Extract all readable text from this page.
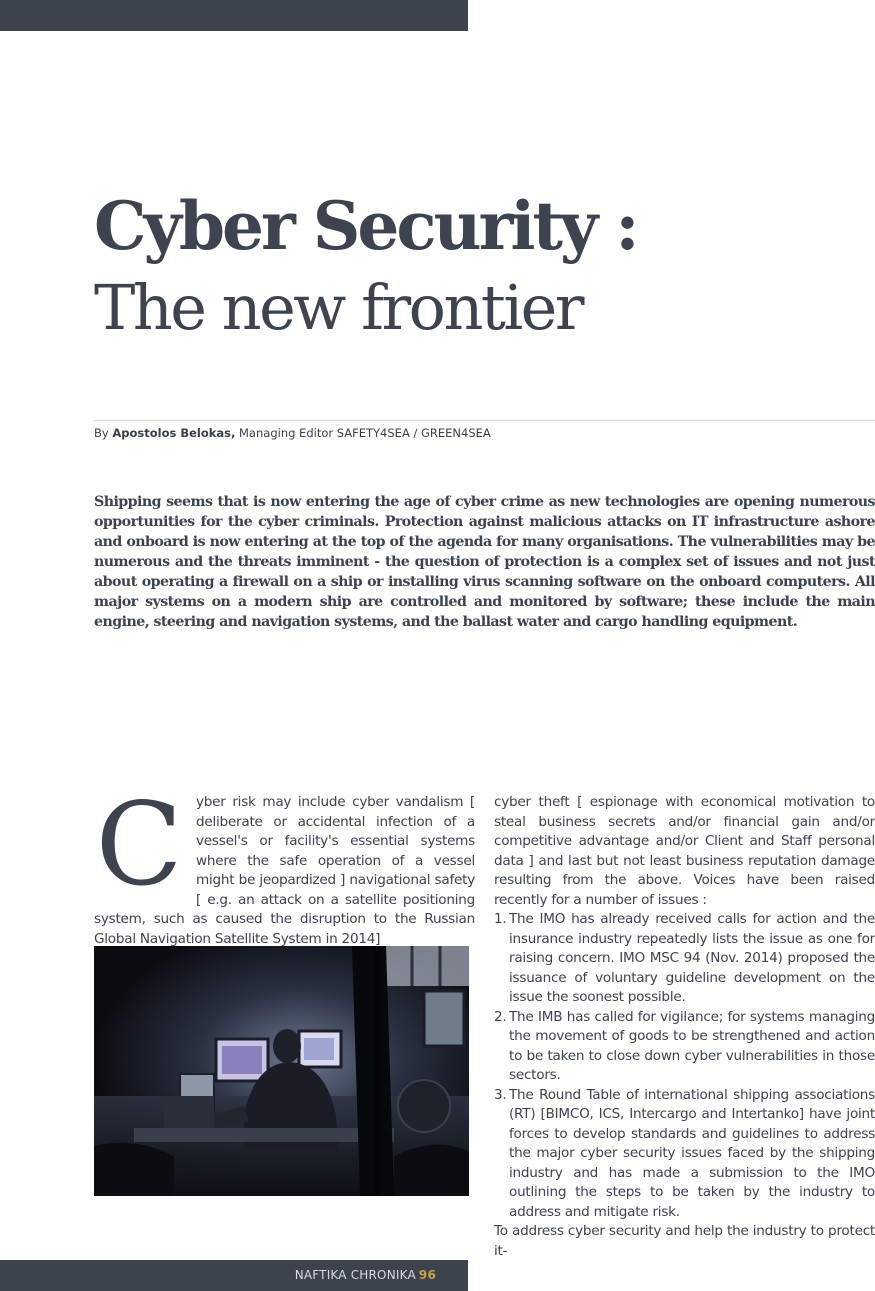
Cyber Security :
The new frontier
By Apostolos Belokas, Managing Editor SAFETY4SEA / GREEN4SEA
Shipping seems that is now entering the age of cyber crime as new technologies are opening numerous opportunities for the cyber criminals. Protection against malicious attacks on IT infrastructure ashore and onboard is now entering at the top of the agenda for many organisations. The vulnerabilities may be numerous and the threats imminent - the question of protection is a complex set of issues and not just about operating a firewall on a ship or installing virus scanning software on the onboard computers. All major systems on a modern ship are controlled and monitored by software; these include the main engine, steering and navigation systems, and the ballast water and cargo handling equipment.
C yber risk may include cyber vandalism [ deliberate or accidental infection of a vessel's or facility's essential systems where the safe operation of a vessel might be jeopardized ] navigational safety [ e.g. an attack on a satellite positioning system, such as caused the disruption to the Russian Global Navigation Satellite System in 2014]
cyber theft [ espionage with economical motivation to steal business secrets and/or financial gain and/or competitive advantage and/or Client and Staff personal data ] and last but not least business reputation damage resulting from the above. Voices have been raised recently for a number of issues :
1. The IMO has already received calls for action and the insurance industry repeatedly lists the issue as one for raising concern. IMO MSC 94 (Nov. 2014) proposed the issuance of voluntary guideline development on the issue the soonest possible.
2. The IMB has called for vigilance; for systems managing the movement of goods to be strengthened and action to be taken to close down cyber vulnerabilities in those sectors.
3. The Round Table of international shipping associations (RT) [BIMCO, ICS, Intercargo and Intertanko] have joint forces to develop standards and guidelines to address the major cyber security issues faced by the shipping industry and has made a submission to the IMO outlining the steps to be taken by the industry to address and mitigate risk.
To address cyber security and help the industry to protect it-
NAFTIKA CHRONIKA 96
